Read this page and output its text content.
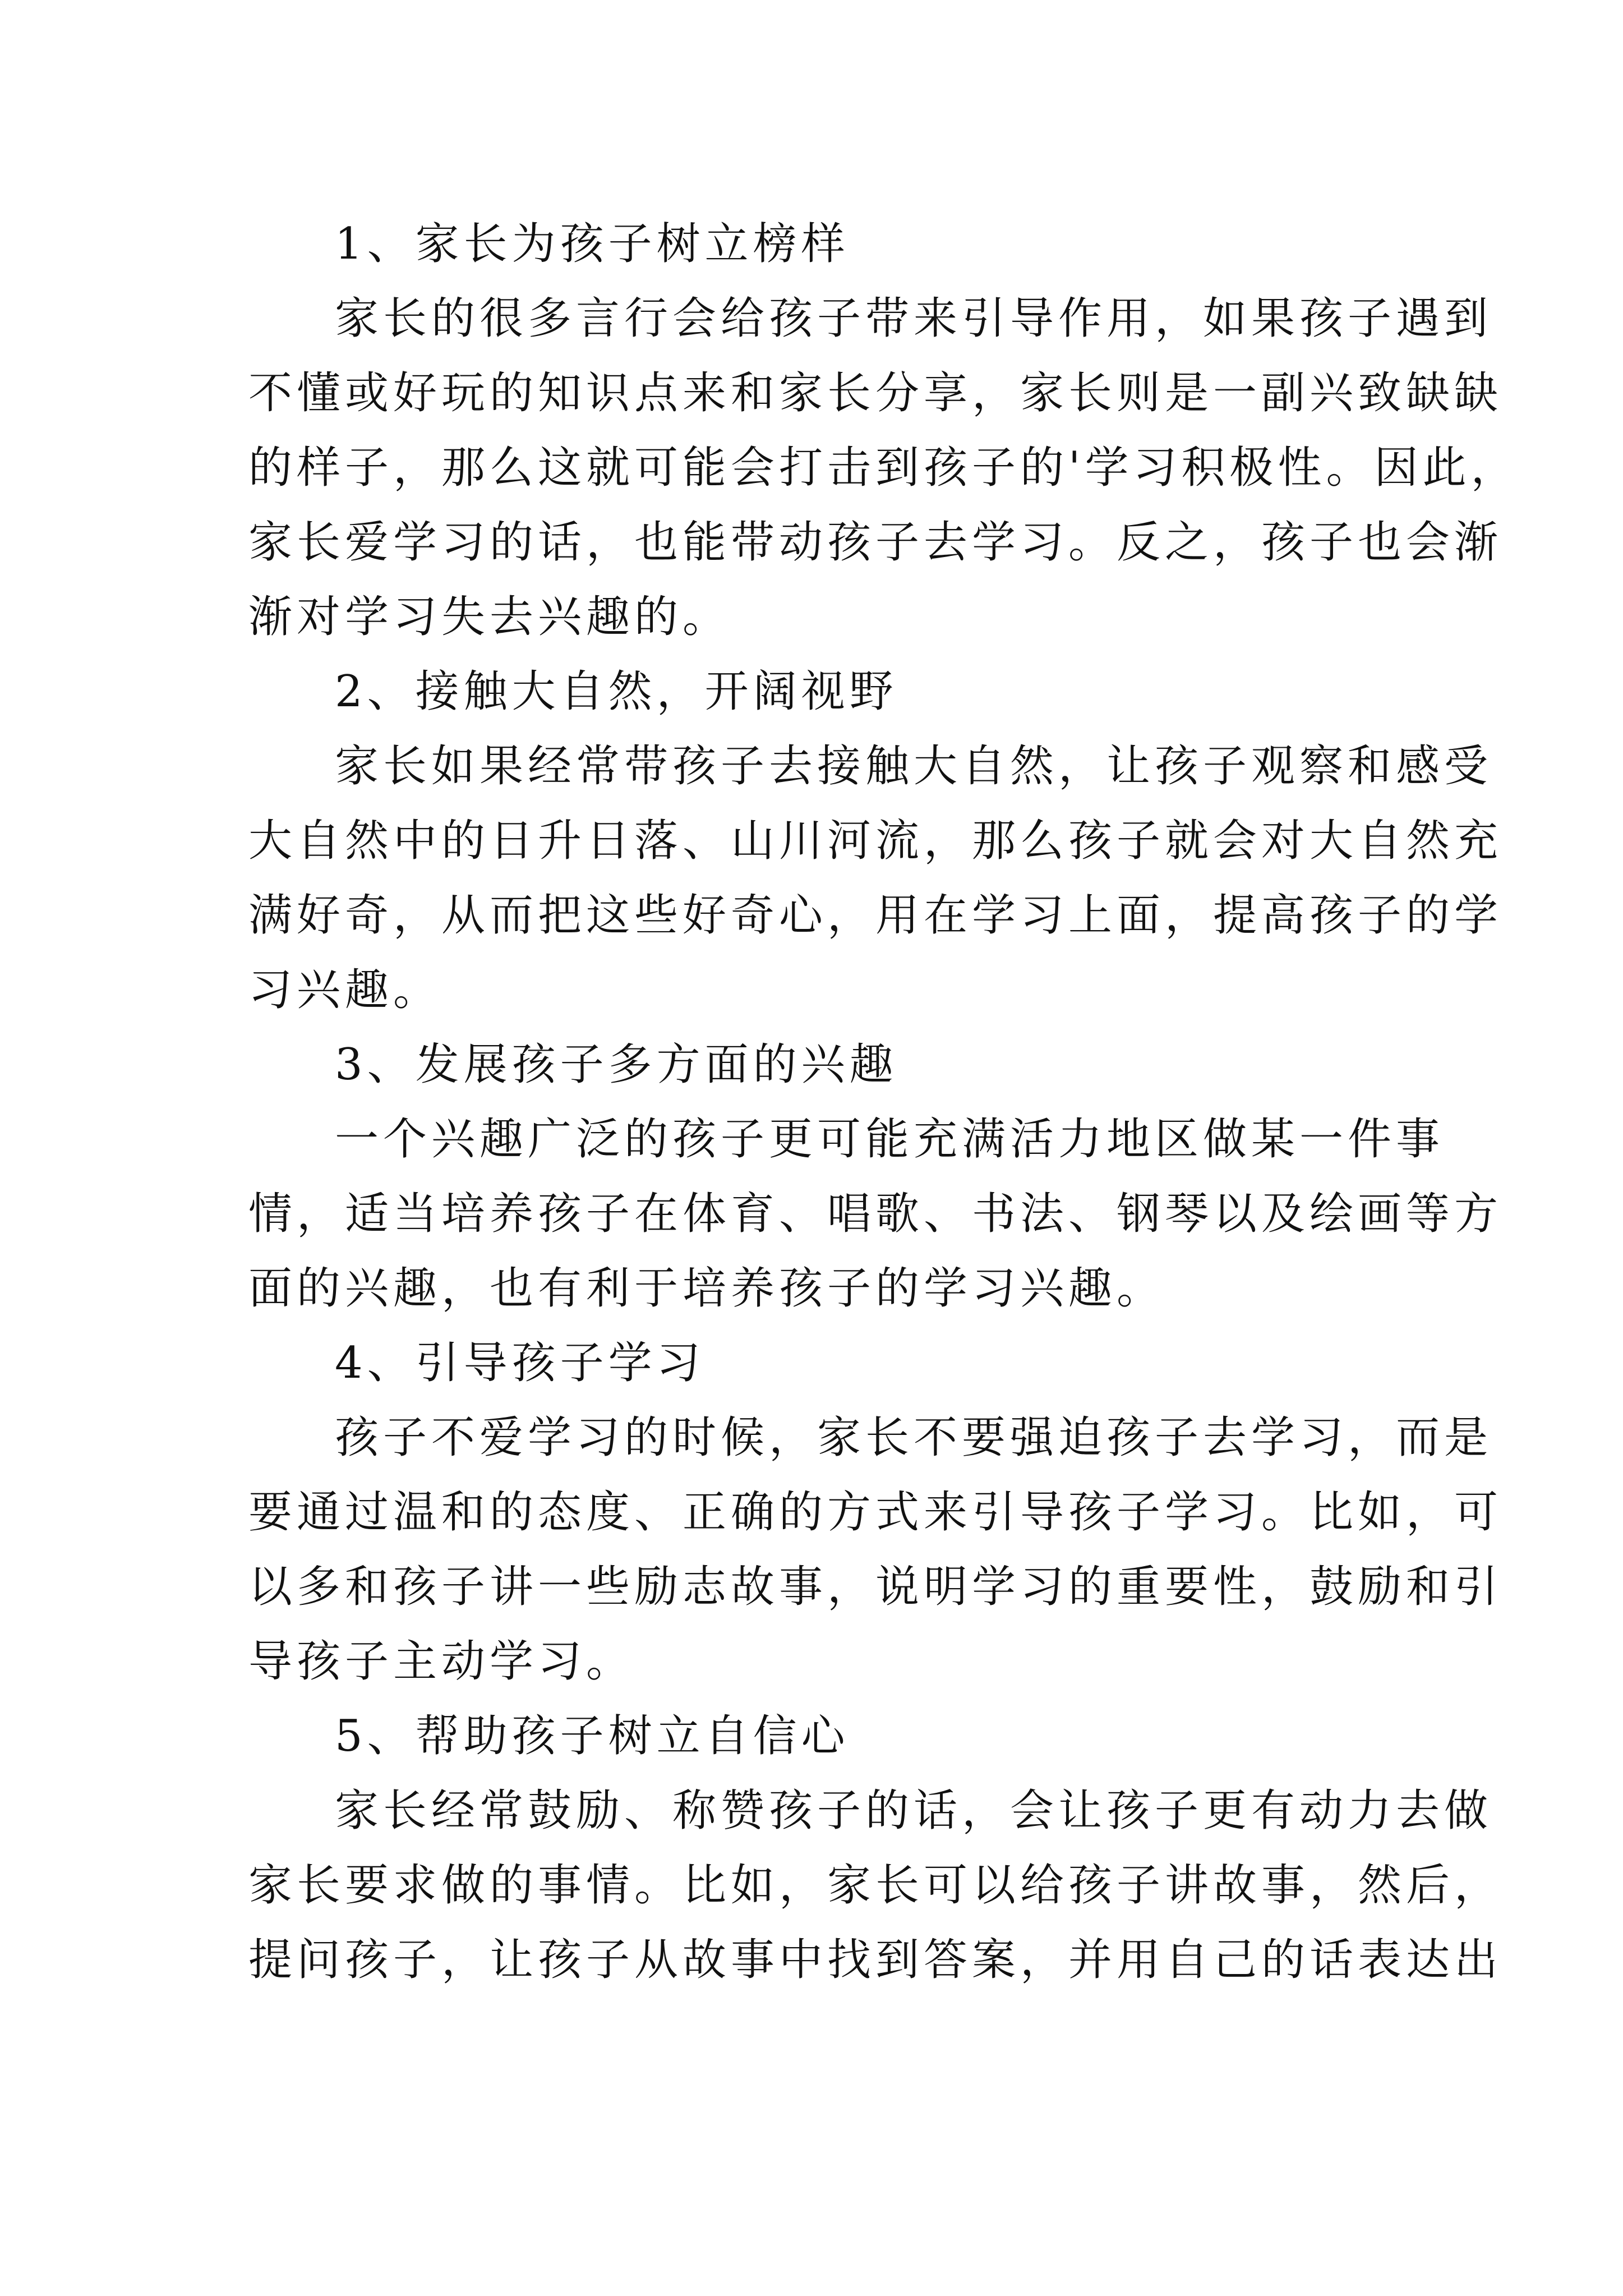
1、家长为孩子树立榜样
家长的很多言行会给孩子带来引导作用，如果孩子遇到
不懂或好玩的知识点来和家长分享，家长则是一副兴致缺缺
的样子，那么这就可能会打击到孩子的'学习积极性。因此，
家长爱学习的话，也能带动孩子去学习。反之，孩子也会渐
渐对学习失去兴趣的。
2、接触大自然，开阔视野
家长如果经常带孩子去接触大自然，让孩子观察和感受
大自然中的日升日落、山川河流，那么孩子就会对大自然充
满好奇，从而把这些好奇心，用在学习上面，提高孩子的学
习兴趣。
3、发展孩子多方面的兴趣
一个兴趣广泛的孩子更可能充满活力地区做某一件事
情，适当培养孩子在体育、唱歌、书法、钢琴以及绘画等方
面的兴趣，也有利于培养孩子的学习兴趣。
4、引导孩子学习
孩子不爱学习的时候，家长不要强迫孩子去学习，而是
要通过温和的态度、正确的方式来引导孩子学习。比如，可
以多和孩子讲一些励志故事，说明学习的重要性，鼓励和引
导孩子主动学习。
5、帮助孩子树立自信心
家长经常鼓励、称赞孩子的话，会让孩子更有动力去做
家长要求做的事情。比如，家长可以给孩子讲故事，然后，
提问孩子，让孩子从故事中找到答案，并用自己的话表达出
